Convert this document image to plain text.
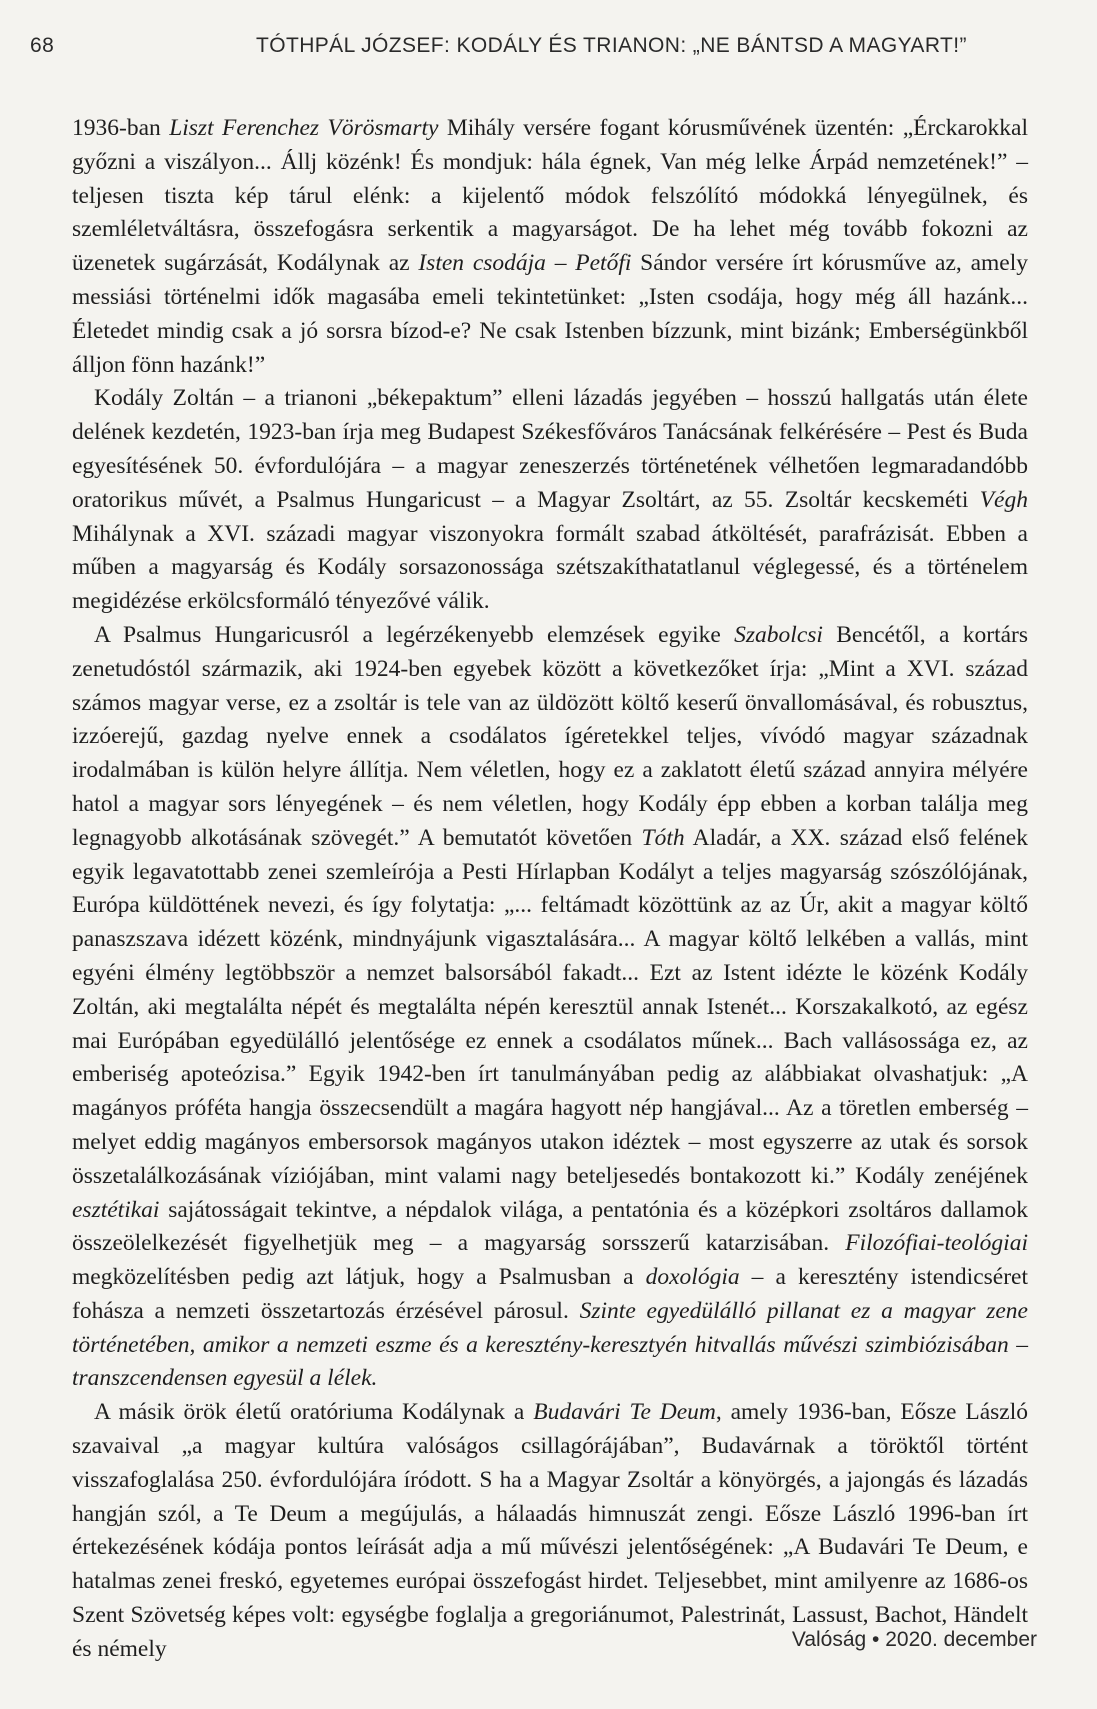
68	TÓTHPÁL JÓZSEF: KODÁLY ÉS TRIANON: „NE BÁNTSD A MAGYART!”

1936-ban Liszt Ferenchez Vörösmarty Mihály versére fogant kórusművének üzentén: „Érckarokkal győzni a viszályon... Állj közénk! És mondjuk: hála égnek, Van még lelke Árpád nemzetének!” – teljesen tiszta kép tárul elénk: a kijelentő módok felszólító módokká lényegülnek, és szemléletváltásra, összefogásra serkentik a magyarságot. De ha lehet még tovább fokozni az üzenetek sugárzását, Kodálynak az Isten csodája – Petőfi Sándor versére írt kórusműve az, amely messiási történelmi idők magasába emeli tekintetünket: „Isten csodája, hogy még áll hazánk... Életedet mindig csak a jó sorsra bízod-e? Ne csak Istenben bízzunk, mint bizánk; Emberségünkből álljon fönn hazánk!”

Kodály Zoltán – a trianoni „békepaktum” elleni lázadás jegyében – hosszú hallgatás után élete delének kezdetén, 1923-ban írja meg Budapest Székesfőváros Tanácsának felkérésére – Pest és Buda egyesítésének 50. évfordulójára – a magyar zeneszerzés történetének vélhetően legmaradandóbb oratorikus művét, a Psalmus Hungaricust – a Magyar Zsoltárt, az 55. Zsoltár kecskeméti Végh Mihálynak a XVI. századi magyar viszonyokra formált szabad átköltését, parafrázisát. Ebben a műben a magyarság és Kodály sorsazonossága szétszakíthatatlanul véglegessé, és a történelem megidézése erkölcsformáló tényezővé válik.

A Psalmus Hungaricusról a legérzékenyebb elemzések egyike Szabolcsi Bencétől, a kortárs zenetudóstól származik, aki 1924-ben egyebek között a következőket írja: „Mint a XVI. század számos magyar verse, ez a zsoltár is tele van az üldözött költő keserű önvallomásával, és robusztus, izzóerejű, gazdag nyelve ennek a csodálatos ígéretekkel teljes, vívódó magyar századnak irodalmában is külön helyre állítja. Nem véletlen, hogy ez a zaklatott életű század annyira mélyére hatol a magyar sors lényegének – és nem véletlen, hogy Kodály épp ebben a korban találja meg legnagyobb alkotásának szövegét.” A bemutatót követően Tóth Aladár, a XX. század első felének egyik legavatottabb zenei szemleírója a Pesti Hírlapban Kodályt a teljes magyarság szószólójának, Európa küldöttének nevezi, és így folytatja: „... feltámadt közöttünk az az Úr, akit a magyar költő panaszszava idézett közénk, mindnyájunk vigasztalására... A magyar költő lelkében a vallás, mint egyéni élmény legtöbbször a nemzet balsorsából fakadt... Ezt az Istent idézte le közénk Kodály Zoltán, aki megtalálta népét és megtalálta népén keresztül annak Istenét... Korszakalkotó, az egész mai Európában egyedülálló jelentősége ez ennek a csodálatos műnek... Bach vallásossága ez, az emberiség apoteózisa.” Egyik 1942-ben írt tanulmányában pedig az alábbiakat olvashatjuk: „A magányos próféta hangja összecsendült a magára hagyott nép hangjával... Az a töretlen emberség – melyet eddig magányos embersorsok magányos utakon idéztek – most egyszerre az utak és sorsok összetalálkozásának víziójában, mint valami nagy beteljesedés bontakozott ki.” Kodály zenéjének esztétikai sajátosságait tekintve, a népdalok világa, a pentatónia és a középkori zsoltáros dallamok összeölelkezését figyelhetjük meg – a magyarság sorsszerű katarzisában. Filozófiai-teológiai megközelítésben pedig azt látjuk, hogy a Psalmusban a doxológia – a keresztény istendicséret fohásza a nemzeti összetartozás érzésével párosul. Szinte egyedülálló pillanat ez a magyar zene történetében, amikor a nemzeti eszme és a keresztény-keresztyén hitvallás művészi szimbiózisában – transzcendensen egyesül a lélek.

A másik örök életű oratóriuma Kodálynak a Budavári Te Deum, amely 1936-ban, Eősze László szavaival „a magyar kultúra valóságos csillagórájában”, Budavárnak a töröktől történt visszafoglalása 250. évfordulójára íródott. S ha a Magyar Zsoltár a könyörgés, a jajongás és lázadás hangján szól, a Te Deum a megújulás, a hálaadás himnuszát zengi. Eősze László 1996-ban írt értekezésének kódája pontos leírását adja a mű művészi jelentőségének: „A Budavári Te Deum, e hatalmas zenei freskó, egyetemes európai összefogást hirdet. Teljesebbet, mint amilyenre az 1686-os Szent Szövetség képes volt: egységbe foglalja a gregoriánumot, Palestrinát, Lassust, Bachot, Händelt és némely	Valóság • 2020. december
